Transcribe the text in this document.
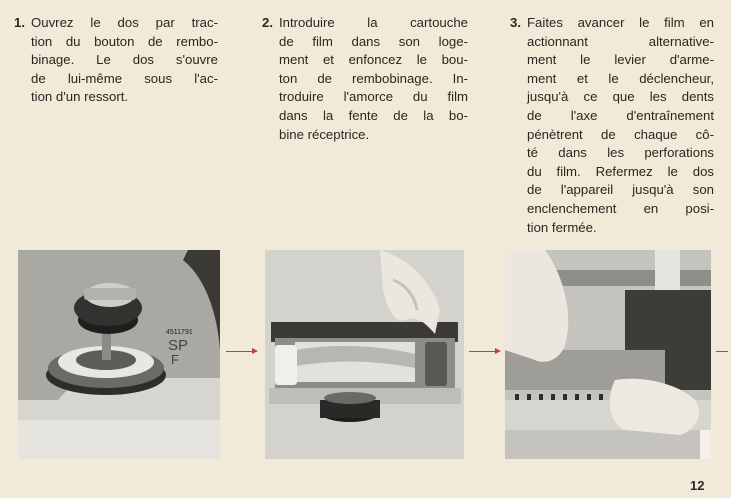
1. Ouvrez le dos par trac-
tion du bouton de rembo-
binage. Le dos s'ouvre
de lui-même sous l'ac-
tion d'un ressort.
2. Introduire la cartouche
de film dans son loge-
ment et enfoncez le bou-
ton de rembobinage. In-
troduire l'amorce du film
dans la fente de la bo-
bine réceptrice.
3. Faites avancer le film en
actionnant alternative-
ment le levier d'arme-
ment et le déclencheur,
jusqu'à ce que les dents
de l'axe d'entraînement
pénètrent de chaque cô-
té dans les perforations
du film. Refermez le dos
de l'appareil jusqu'à son
enclenchement en posi-
tion fermée.
4511791
SP
F
12
